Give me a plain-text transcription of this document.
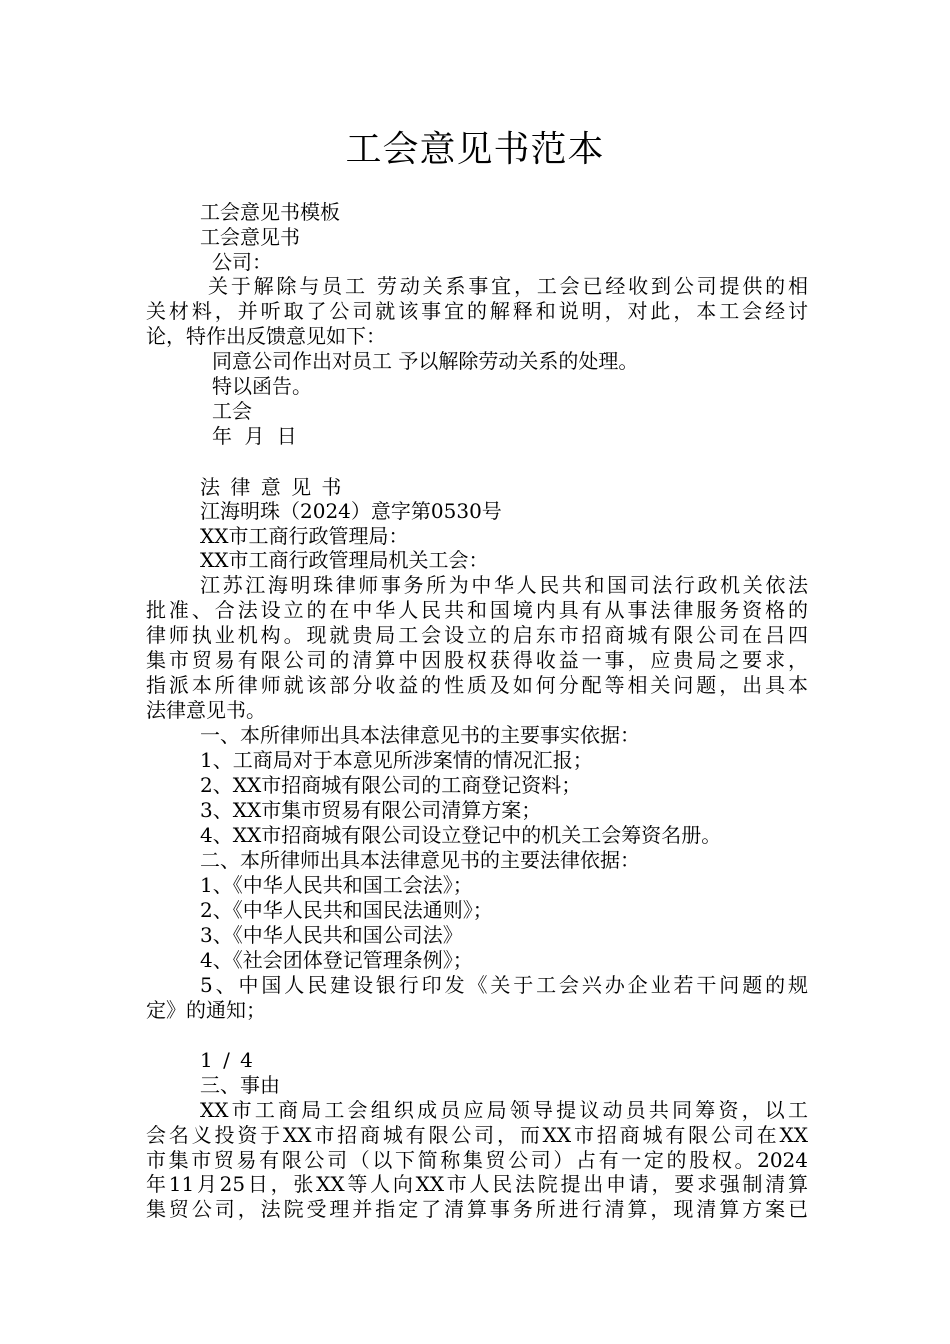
工会意见书范本
工会意见书模板
工会意见书
公司：
关于解除与员工 劳动关系事宜，工会已经收到公司提供的相
关材料，并听取了公司就该事宜的解释和说明，对此，本工会经讨
论，特作出反馈意见如下：
同意公司作出对员工 予以解除劳动关系的处理。
特以函告。
工会
年 月 日
法 律 意 见 书
江海明珠（2024）意字第0530号
XX市工商行政管理局：
XX市工商行政管理局机关工会：
江苏江海明珠律师事务所为中华人民共和国司法行政机关依法
批准、合法设立的在中华人民共和国境内具有从事法律服务资格的
律师执业机构。现就贵局工会设立的启东市招商城有限公司在吕四
集市贸易有限公司的清算中因股权获得收益一事，应贵局之要求，
指派本所律师就该部分收益的性质及如何分配等相关问题，出具本
法律意见书。
一、本所律师出具本法律意见书的主要事实依据：
1、工商局对于本意见所涉案情的情况汇报；
2、XX市招商城有限公司的工商登记资料；
3、XX市集市贸易有限公司清算方案；
4、XX市招商城有限公司设立登记中的机关工会筹资名册。
二、本所律师出具本法律意见书的主要法律依据：
1、《中华人民共和国工会法》；
2、《中华人民共和国民法通则》；
3、《中华人民共和国公司法》
4、《社会团体登记管理条例》；
5、中国人民建设银行印发《关于工会兴办企业若干问题的规
定》的通知；
1 / 4
三、事由
XX市工商局工会组织成员应局领导提议动员共同筹资，以工
会名义投资于XX市招商城有限公司，而XX市招商城有限公司在XX
市集市贸易有限公司（以下简称集贸公司）占有一定的股权。2024
年11月25日，张XX等人向XX市人民法院提出申请，要求强制清算
集贸公司，法院受理并指定了清算事务所进行清算，现清算方案已
